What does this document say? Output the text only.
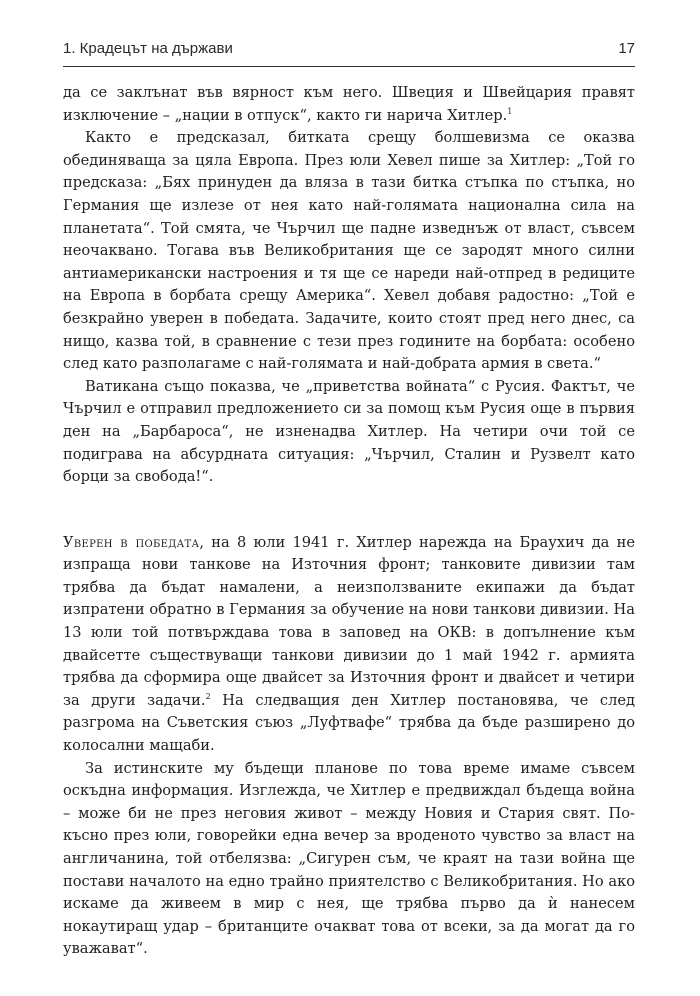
1. Крадецът на държави	17

да се заклънат във вярност към него. Швеция и Швейцария правят изключение – „нации в отпуск“, както ги нарича Хитлер.$^1$

Както е предсказал, битката срещу болшевизма се оказва обединяваща за цяла Европа. През юли Хевел пише за Хитлер: „Той го предсказа: „Бях принуден да вляза в тази битка стъпка по стъпка, но Германия ще излезе от нея като най-голямата национална сила на планетата“. Той смята, че Чърчил ще падне изведнъж от власт, съвсем неочаквано. Тогава във Великобритания ще се зародят много силни антиамерикански настроения и тя ще се нареди най-отпред в редиците на Европа в борбата срещу Америка“. Хевел добавя радостно: „Той е безкрайно уверен в победата. Задачите, които стоят пред него днес, са нищо, казва той, в сравнение с тези през годините на борбата: особено след като разполагаме с най-голямата и най-добрата армия в света.“

Ватикана също показва, че „приветства войната“ с Русия. Фактът, че Чърчил е отправил предложението си за помощ към Русия още в първия ден на „Барбароса“, не изненадва Хитлер. На четири очи той се подиграва на абсурдната ситуация: „Чърчил, Сталин и Рузвелт като борци за свобода!“.

Уверен в победата, на 8 юли 1941 г. Хитлер нарежда на Браухич да не изпраща нови танкове на Източния фронт; танковите дивизии там трябва да бъдат намалени, а неизползваните екипажи да бъдат изпратени обратно в Германия за обучение на нови танкови дивизии. На 13 юли той потвърждава това в заповед на ОКВ: в допълнение към двайсетте съществуващи танкови дивизии до 1 май 1942 г. армията трябва да сформира още двайсет за Източния фронт и двайсет и четири за други задачи.$^2$ На следващия ден Хитлер постановява, че след разгрома на Съветския съюз „Луфтвафе“ трябва да бъде разширено до колосални мащаби.

За истинските му бъдещи планове по това време имаме съвсем оскъдна информация. Изглежда, че Хитлер е предвиждал бъдеща война – може би не през неговия живот – между Новия и Стария свят. По-късно през юли, говорейки една вечер за вроденото чувство за власт на англичанина, той отбелязва: „Сигурен съм, че краят на тази война ще постави началото на едно трайно приятелство с Великобритания. Но ако искаме да живеем в мир с нея, ще трябва първо да ѝ нанесем нокаутиращ удар – британците очакват това от всеки, за да могат да го уважават“.
